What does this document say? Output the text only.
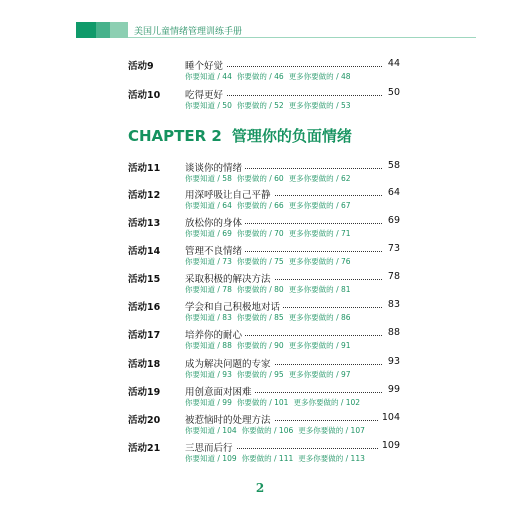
美国儿童情绪管理训练手册
CHAPTER 2 管理你的负面情绪
活动9	睡个好觉	44
你要知道 / 44 你要做的 / 46 更多你要做的 / 48
活动10	吃得更好	50
你要知道 / 50 你要做的 / 52 更多你要做的 / 53
活动11	谈谈你的情绪	58
你要知道 / 58 你要做的 / 60 更多你要做的 / 62
活动12	用深呼吸让自己平静	64
你要知道 / 64 你要做的 / 66 更多你要做的 / 67
活动13	放松你的身体	69
你要知道 / 69 你要做的 / 70 更多你要做的 / 71
活动14	管理不良情绪	73
你要知道 / 73 你要做的 / 75 更多你要做的 / 76
活动15	采取积极的解决方法	78
你要知道 / 78 你要做的 / 80 更多你要做的 / 81
活动16	学会和自己积极地对话	83
你要知道 / 83 你要做的 / 85 更多你要做的 / 86
活动17	培养你的耐心	88
你要知道 / 88 你要做的 / 90 更多你要做的 / 91
活动18	成为解决问题的专家	93
你要知道 / 93 你要做的 / 95 更多你要做的 / 97
活动19	用创意面对困难	99
你要知道 / 99 你要做的 / 101 更多你要做的 / 102
活动20	被惹恼时的处理方法	104
你要知道 / 104 你要做的 / 106 更多你要做的 / 107
活动21	三思而后行	109
你要知道 / 109 你要做的 / 111 更多你要做的 / 113
2
